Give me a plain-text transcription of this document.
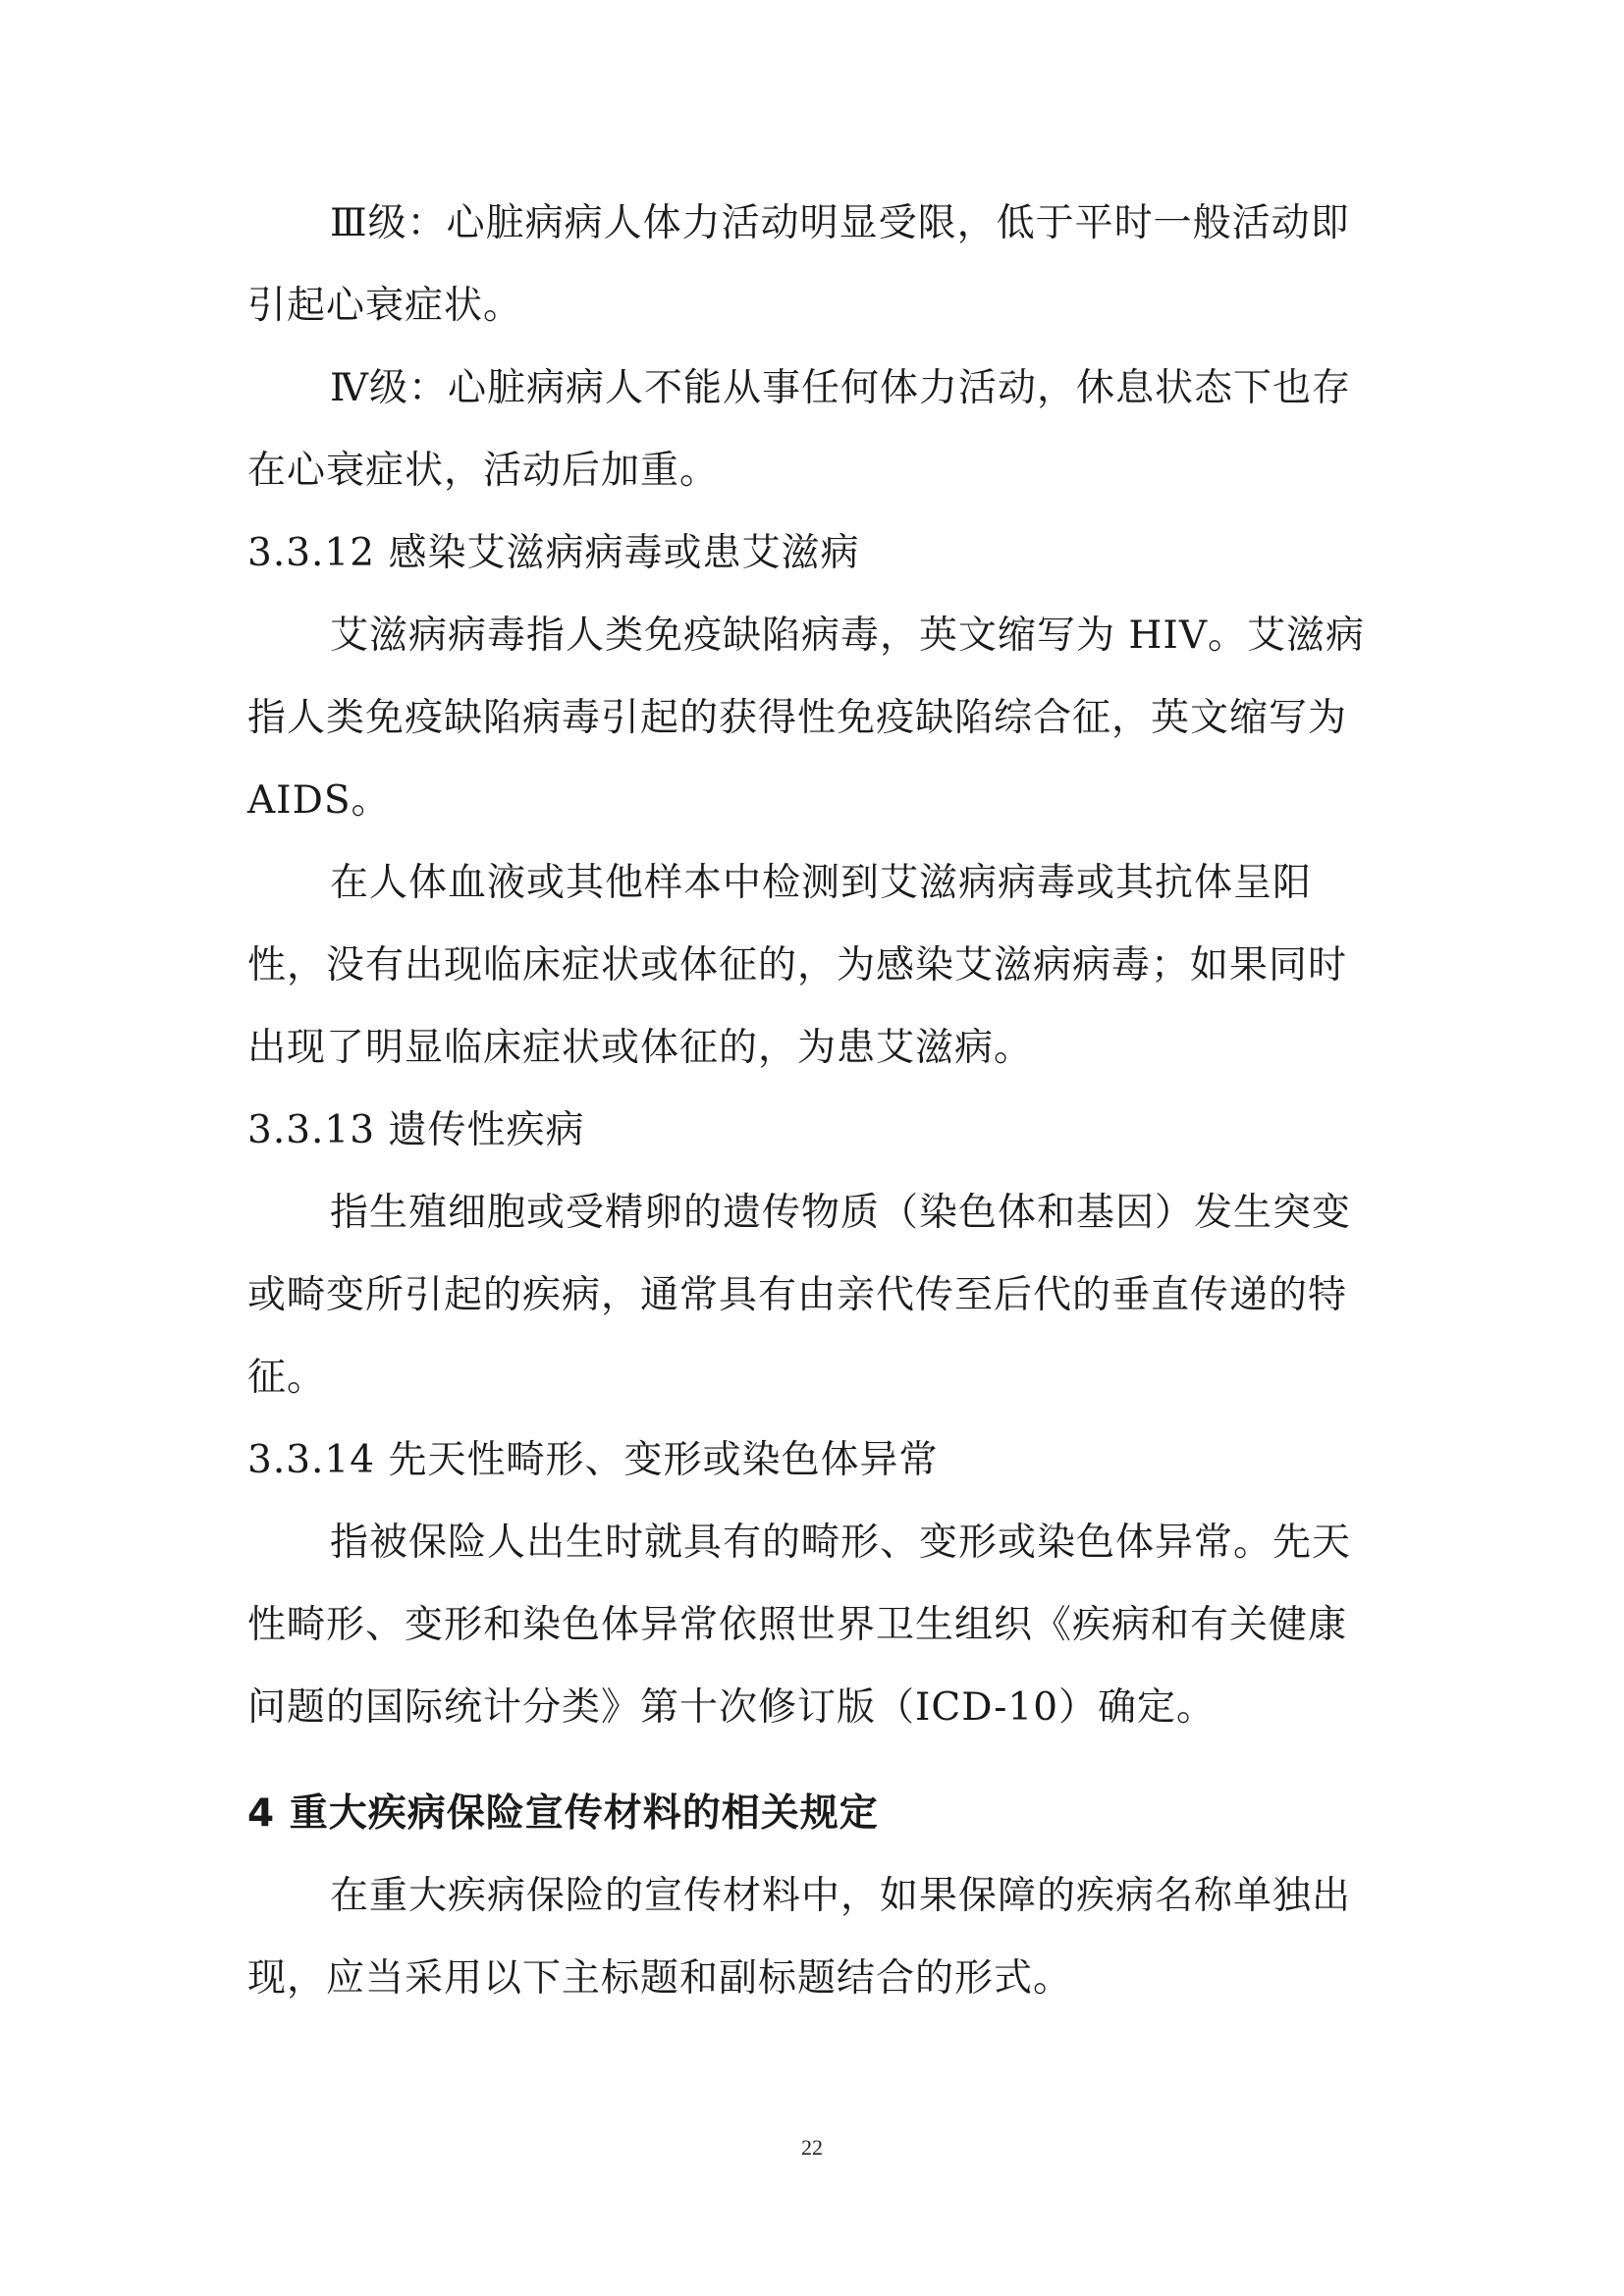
Ⅲ级：心脏病病人体力活动明显受限，低于平时一般活动即
引起心衰症状。
Ⅳ级：心脏病病人不能从事任何体力活动，休息状态下也存
在心衰症状，活动后加重。
3.3.12 感染艾滋病病毒或患艾滋病
艾滋病病毒指人类免疫缺陷病毒，英文缩写为 HIV。艾滋病
指人类免疫缺陷病毒引起的获得性免疫缺陷综合征，英文缩写为
AIDS。
在人体血液或其他样本中检测到艾滋病病毒或其抗体呈阳
性，没有出现临床症状或体征的，为感染艾滋病病毒；如果同时
出现了明显临床症状或体征的，为患艾滋病。
3.3.13 遗传性疾病
指生殖细胞或受精卵的遗传物质（染色体和基因）发生突变
或畸变所引起的疾病，通常具有由亲代传至后代的垂直传递的特
征。
3.3.14 先天性畸形、变形或染色体异常
指被保险人出生时就具有的畸形、变形或染色体异常。先天
性畸形、变形和染色体异常依照世界卫生组织《疾病和有关健康
问题的国际统计分类》第十次修订版（ICD-10）确定。
4 重大疾病保险宣传材料的相关规定
在重大疾病保险的宣传材料中，如果保障的疾病名称单独出
现，应当采用以下主标题和副标题结合的形式。
22
